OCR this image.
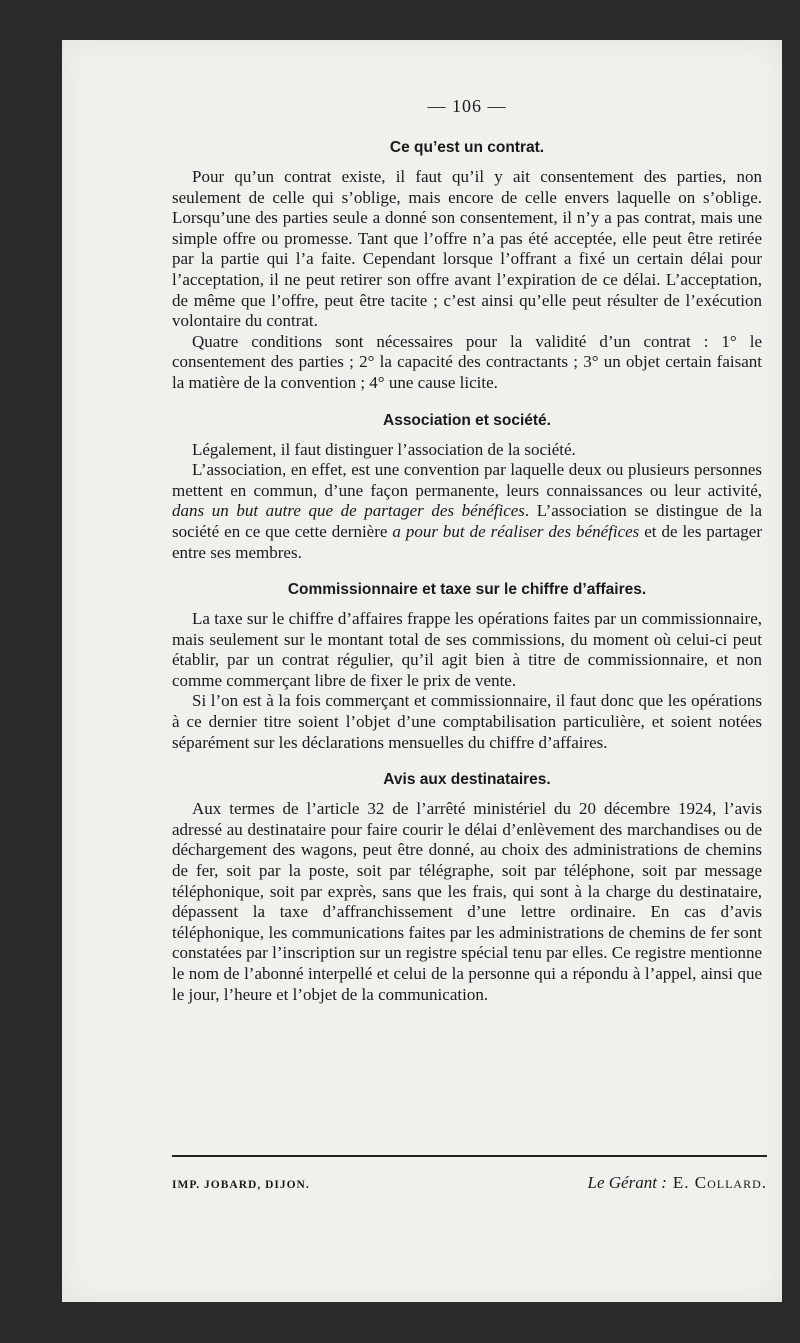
— 106 —
Ce qu’est un contrat.

Pour qu’un contrat existe, il faut qu’il y ait consentement des parties, non seulement de celle qui s’oblige, mais encore de celle envers laquelle on s’oblige. Lorsqu’une des parties seule a donné son consentement, il n’y a pas contrat, mais une simple offre ou promesse. Tant que l’offre n’a pas été acceptée, elle peut être retirée par la partie qui l’a faite. Cependant lorsque l’offrant a fixé un certain délai pour l’acceptation, il ne peut retirer son offre avant l’expiration de ce délai. L’acceptation, de même que l’offre, peut être tacite ; c’est ainsi qu’elle peut résulter de l’exécution volontaire du contrat.

Quatre conditions sont nécessaires pour la validité d’un contrat : 1° le consentement des parties ; 2° la capacité des contractants ; 3° un objet certain faisant la matière de la convention ; 4° une cause licite.

Association et société.

Légalement, il faut distinguer l’association de la société.

L’association, en effet, est une convention par laquelle deux ou plusieurs personnes mettent en commun, d’une façon permanente, leurs connaissances ou leur activité, dans un but autre que de partager des bénéfices. L’association se distingue de la société en ce que cette dernière a pour but de réaliser des bénéfices et de les partager entre ses membres.

Commissionnaire et taxe sur le chiffre d’affaires.

La taxe sur le chiffre d’affaires frappe les opérations faites par un commissionnaire, mais seulement sur le montant total de ses commissions, du moment où celui-ci peut établir, par un contrat régulier, qu’il agit bien à titre de commissionnaire, et non comme commerçant libre de fixer le prix de vente.

Si l’on est à la fois commerçant et commissionnaire, il faut donc que les opérations à ce dernier titre soient l’objet d’une comptabilisation particulière, et soient notées séparément sur les déclarations mensuelles du chiffre d’affaires.

Avis aux destinataires.

Aux termes de l’article 32 de l’arrêté ministériel du 20 décembre 1924, l’avis adressé au destinataire pour faire courir le délai d’enlèvement des marchandises ou de déchargement des wagons, peut être donné, au choix des administrations de chemins de fer, soit par la poste, soit par télégraphe, soit par téléphone, soit par message téléphonique, soit par exprès, sans que les frais, qui sont à la charge du destinataire, dépassent la taxe d’affranchissement d’une lettre ordinaire. En cas d’avis téléphonique, les communications faites par les administrations de chemins de fer sont constatées par l’inscription sur un registre spécial tenu par elles. Ce registre mentionne le nom de l’abonné interpellé et celui de la personne qui a répondu à l’appel, ainsi que le jour, l’heure et l’objet de la communication.

IMP. JOBARD, DIJON.	Le Gérant : E. Collard.
